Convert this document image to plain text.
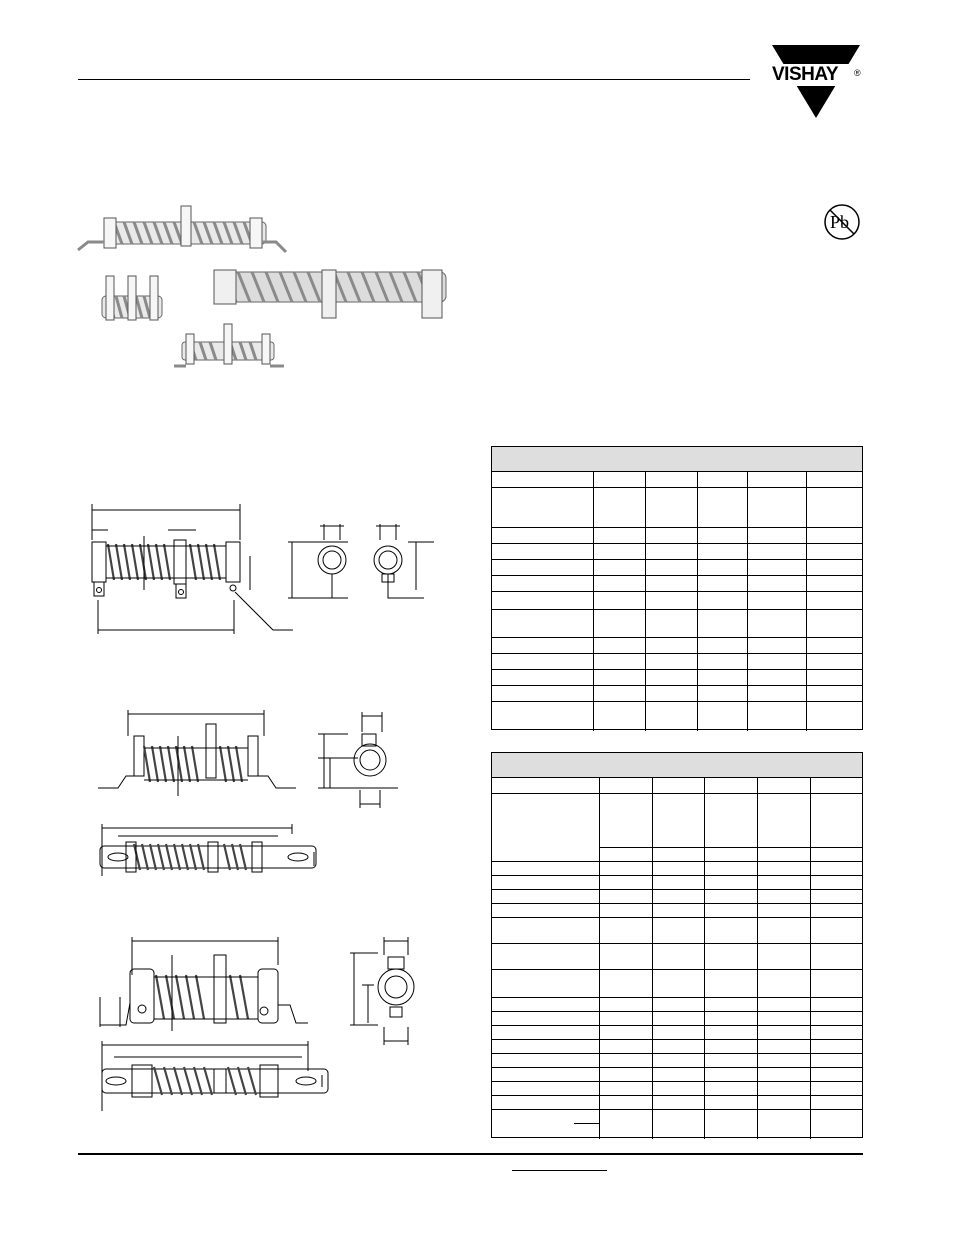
VISHAY ®
Pb
